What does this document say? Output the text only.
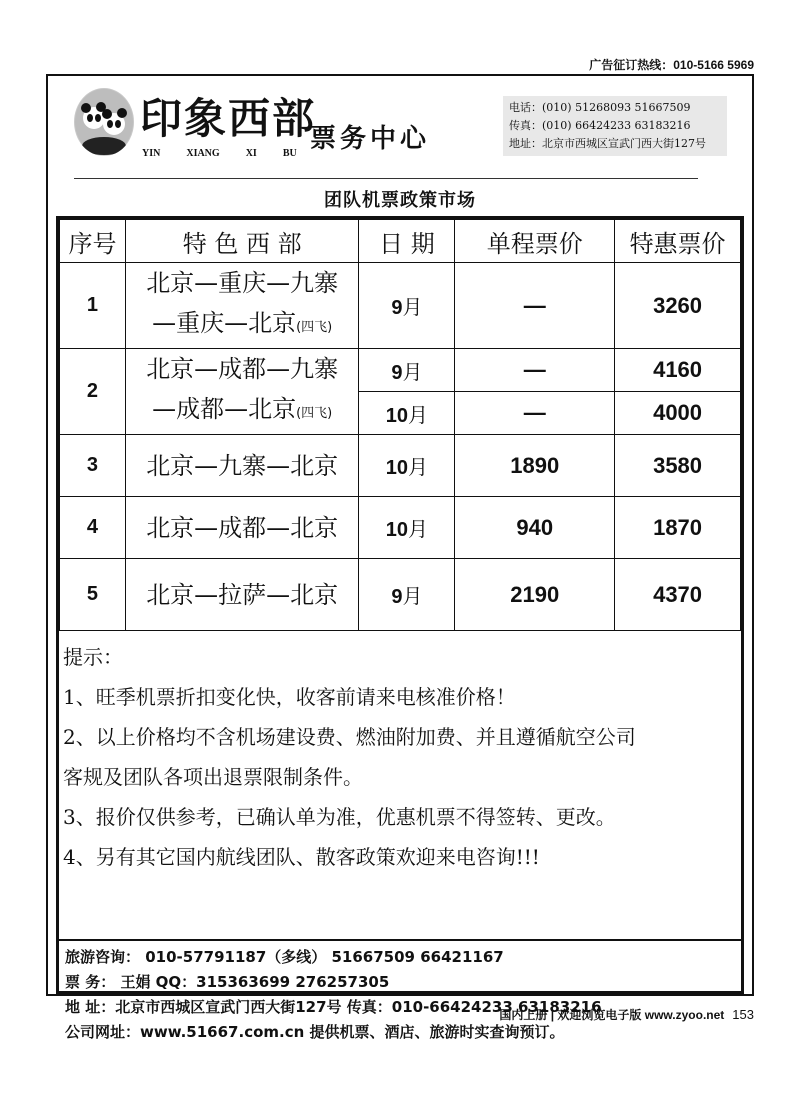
广告征订热线：010-5166 5969
印象西部
YIN	XIANG	XI	BU 票务中心
电话：(010) 51268093 51667509
传真：(010) 66424233 63183216
地址：北京市西城区宣武门西大街127号
团队机票政策市场
序号	特 色 西 部	日 期	单程票价	特惠票价
1	北京—重庆—九寨
—重庆—北京(四飞)	9月	—	3260
2	北京—成都—九寨
—成都—北京(四飞)	9月	—	4160
		10月	—	4000
3	北京—九寨—北京	10月	1890	3580
4	北京—成都—北京	10月	940	1870
5	北京—拉萨—北京	9月	2190	4370

提示：

1、旺季机票折扣变化快，收客前请来电核准价格！

2、以上价格均不含机场建设费、燃油附加费、并且遵循航空公司

客规及团队各项出退票限制条件。

3、报价仅供参考，已确认单为准，优惠机票不得签转、更改。

4、另有其它国内航线团队、散客政策欢迎来电咨询!!!

旅游咨询： 010-57791187（多线） 51667509 66421167
票 务： 王娟 QQ：315363699 276257305
地 址：北京市西城区宣武门西大街127号 传真：010-66424233 63183216
公司网址：www.51667.com.cn 提供机票、酒店、旅游时实查询预订。
国内上册 | 欢迎浏览电子版 www.zyoo.net 153
